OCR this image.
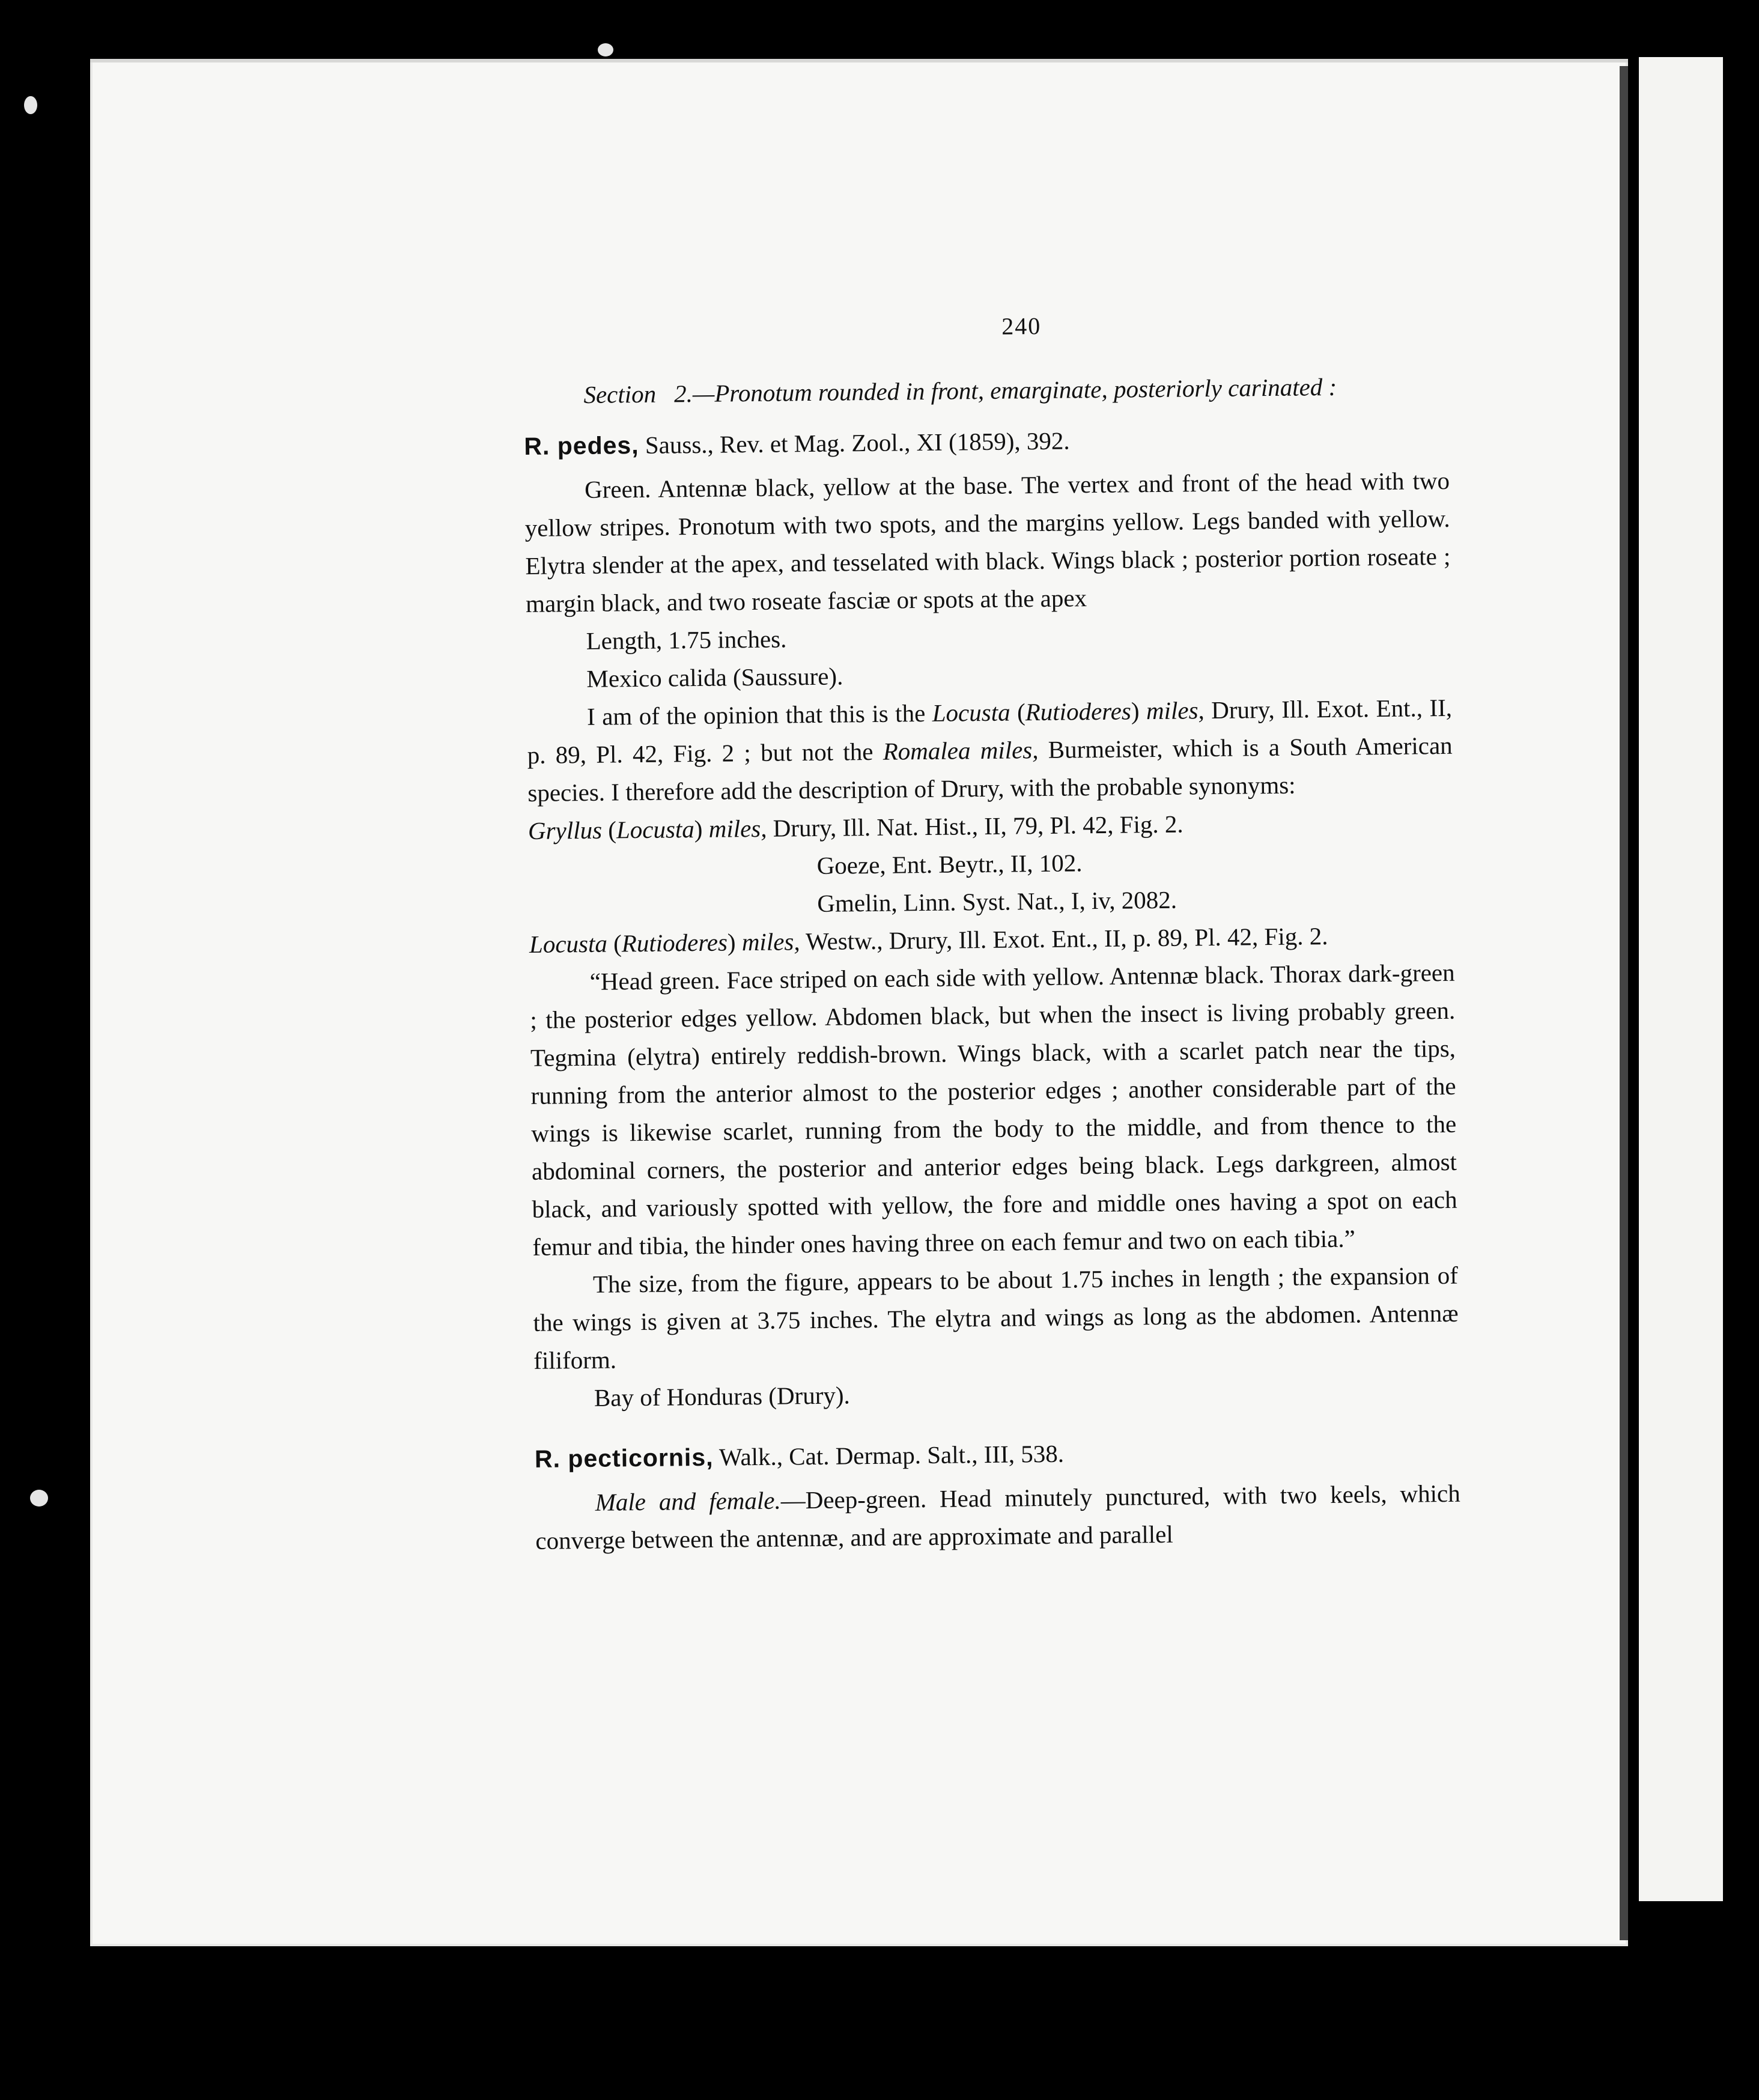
240
Section 2.—Pronotum rounded in front, emarginate, posteriorly carinated :
R. pedes, Sauss., Rev. et Mag. Zool., XI (1859), 392.

Green. Antennæ black, yellow at the base. The vertex and front of the head with two yellow stripes. Pronotum with two spots, and the margins yellow. Legs banded with yellow. Elytra slender at the apex, and tesselated with black. Wings black ; posterior portion roseate ; margin black, and two roseate fasciæ or spots at the apex

Length, 1.75 inches.
Mexico calida (Saussure).

I am of the opinion that this is the Locusta (Rutioderes) miles, Drury, Ill. Exot. Ent., II, p. 89, Pl. 42, Fig. 2 ; but not the Romalea miles, Burmeister, which is a South American species. I therefore add the description of Drury, with the probable synonyms:

Gryllus (Locusta) miles, Drury, Ill. Nat. Hist., II, 79, Pl. 42, Fig. 2.
Goeze, Ent. Beytr., II, 102.
Gmelin, Linn. Syst. Nat., I, iv, 2082.
Locusta (Rutioderes) miles, Westw., Drury, Ill. Exot. Ent., II, p. 89, Pl. 42, Fig. 2.

“Head green. Face striped on each side with yellow. Antennæ black. Thorax dark-green ; the posterior edges yellow. Abdomen black, but when the insect is living probably green. Tegmina (elytra) entirely reddish-brown. Wings black, with a scarlet patch near the tips, running from the anterior almost to the posterior edges ; another considerable part of the wings is likewise scarlet, running from the body to the middle, and from thence to the abdominal corners, the posterior and anterior edges being black. Legs darkgreen, almost black, and variously spotted with yellow, the fore and middle ones having a spot on each femur and tibia, the hinder ones having three on each femur and two on each tibia.”

The size, from the figure, appears to be about 1.75 inches in length ; the expansion of the wings is given at 3.75 inches. The elytra and wings as long as the abdomen. Antennæ filiform.

Bay of Honduras (Drury).
R. pecticornis, Walk., Cat. Dermap. Salt., III, 538.

Male and female.—Deep-green. Head minutely punctured, with two keels, which converge between the antennæ, and are approximate and parallel
